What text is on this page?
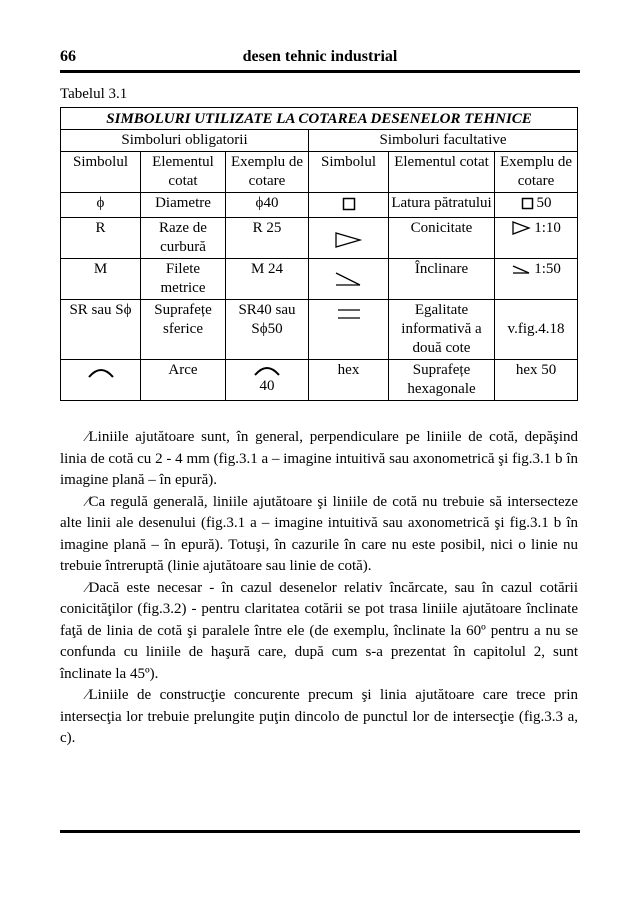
66	desen tehnic industrial
Tabelul 3.1
SIMBOLURI UTILIZATE LA COTAREA DESENELOR TEHNICE					
Simboluri obligatorii			Simboluri facultative		
Simbolul	Elementul cotat	Exemplu de cotare	Simbolul	Elementul cotat	Exemplu de cotare
ϕ	Diametre	ϕ40		Latura pătratului	50

R	Raze de curbură	R 25		Conicitate	1:10

M	Filete metrice	M 24		Înclinare	1:50

SR sau Sϕ	Suprafețe sferice	SR40 sau Sϕ50		Egalitate informativă a două cote	v.fig.4.18

	Arce	40	hex	Suprafețe hexagonale	hex 50

⁄Liniile ajutătoare sunt, în general, perpendiculare pe liniile de cotă, depăşind linia de cotă cu 2 - 4 mm (fig.3.1 a – imagine intuitivă sau axonometrică şi fig.3.1 b în imagine plană – în epură).

⁄Ca regulă generală, liniile ajutătoare şi liniile de cotă nu trebuie să intersecteze alte linii ale desenului (fig.3.1 a – imagine intuitivă sau axonometrică şi fig.3.1 b în imagine plană – în epură). Totuşi, în cazurile în care nu este posibil, nici o linie nu trebuie întreruptă (linie ajutătoare sau linie de cotă).

⁄Dacă este necesar - în cazul desenelor relativ încărcate, sau în cazul cotării conicităţilor (fig.3.2) - pentru claritatea cotării se pot trasa liniile ajutătoare înclinate faţă de linia de cotă şi paralele între ele (de exemplu, înclinate la 60º pentru a nu se confunda cu liniile de haşură care, după cum s-a prezentat în capitolul 2, sunt înclinate la 45º).

⁄Liniile de construcţie concurente precum şi linia ajutătoare care trece prin intersecţia lor trebuie prelungite puţin dincolo de punctul lor de intersecţie (fig.3.3 a, c).
